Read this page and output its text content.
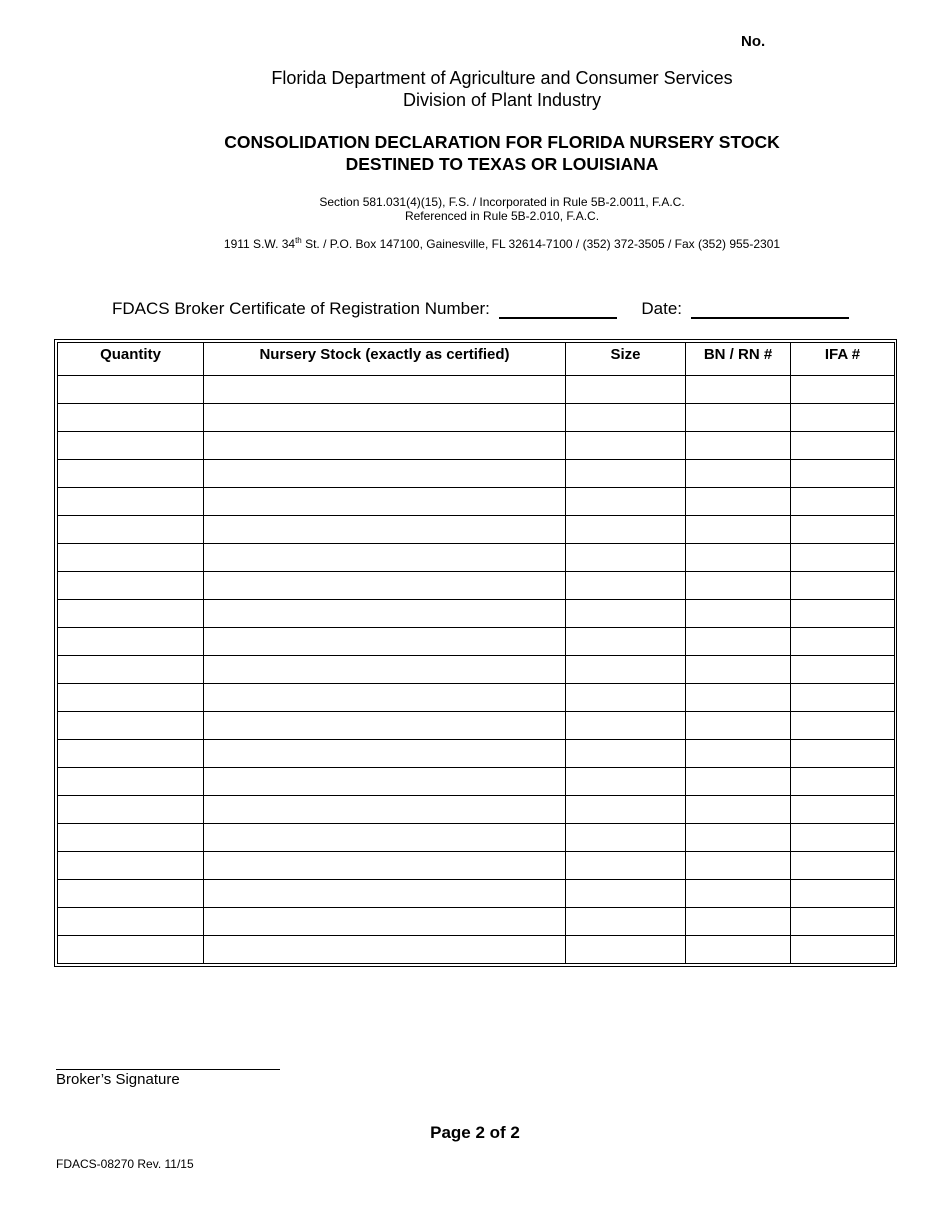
No.
Florida Department of Agriculture and Consumer Services
Division of Plant Industry
CONSOLIDATION DECLARATION FOR FLORIDA NURSERY STOCK
DESTINED TO TEXAS OR LOUISIANA
Section 581.031(4)(15), F.S. / Incorporated in Rule 5B-2.0011, F.A.C.
Referenced in Rule 5B-2.010, F.A.C.
1911 S.W. 34th St. / P.O. Box 147100, Gainesville, FL 32614-7100 / (352) 372-3505 / Fax (352) 955-2301
FDACS Broker Certificate of Registration Number:	Date:
Quantity	Nursery Stock (exactly as certified)	Size	BN / RN #	IFA #

Broker’s Signature
Page 2 of 2
FDACS-08270 Rev. 11/15
